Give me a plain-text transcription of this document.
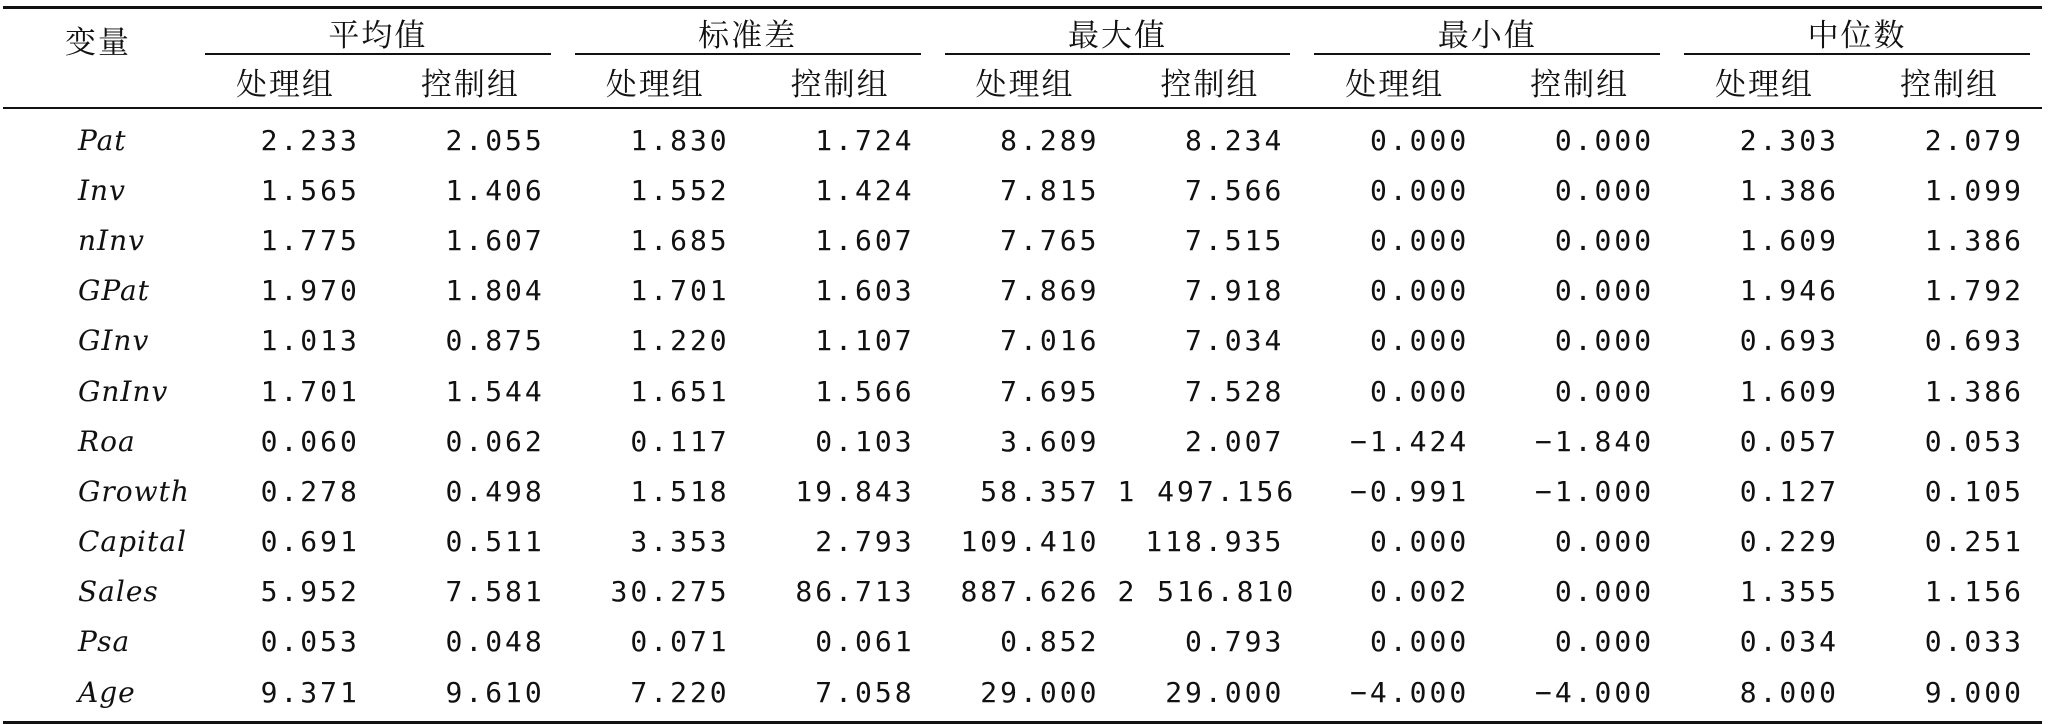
变量	平均值		标准差		最大值		最小值		中位数	

	处理组	控制组	处理组	控制组	处理组	控制组	处理组	控制组	处理组	控制组
Pat	2.233	2.055	1.830	1.724	8.289	8.234	0.000	0.000	2.303	2.079
Inv	1.565	1.406	1.552	1.424	7.815	7.566	0.000	0.000	1.386	1.099
nInv	1.775	1.607	1.685	1.607	7.765	7.515	0.000	0.000	1.609	1.386
GPat	1.970	1.804	1.701	1.603	7.869	7.918	0.000	0.000	1.946	1.792
GInv	1.013	0.875	1.220	1.107	7.016	7.034	0.000	0.000	0.693	0.693
GnInv	1.701	1.544	1.651	1.566	7.695	7.528	0.000	0.000	1.609	1.386
Roa	0.060	0.062	0.117	0.103	3.609	2.007	−1.424	−1.840	0.057	0.053
Growth	0.278	0.498	1.518	19.843	58.357	1 497.156	−0.991	−1.000	0.127	0.105
Capital	0.691	0.511	3.353	2.793	109.410	118.935	0.000	0.000	0.229	0.251
Sales	5.952	7.581	30.275	86.713	887.626	2 516.810	0.002	0.000	1.355	1.156
Psa	0.053	0.048	0.071	0.061	0.852	0.793	0.000	0.000	0.034	0.033
Age	9.371	9.610	7.220	7.058	29.000	29.000	−4.000	−4.000	8.000	9.000
